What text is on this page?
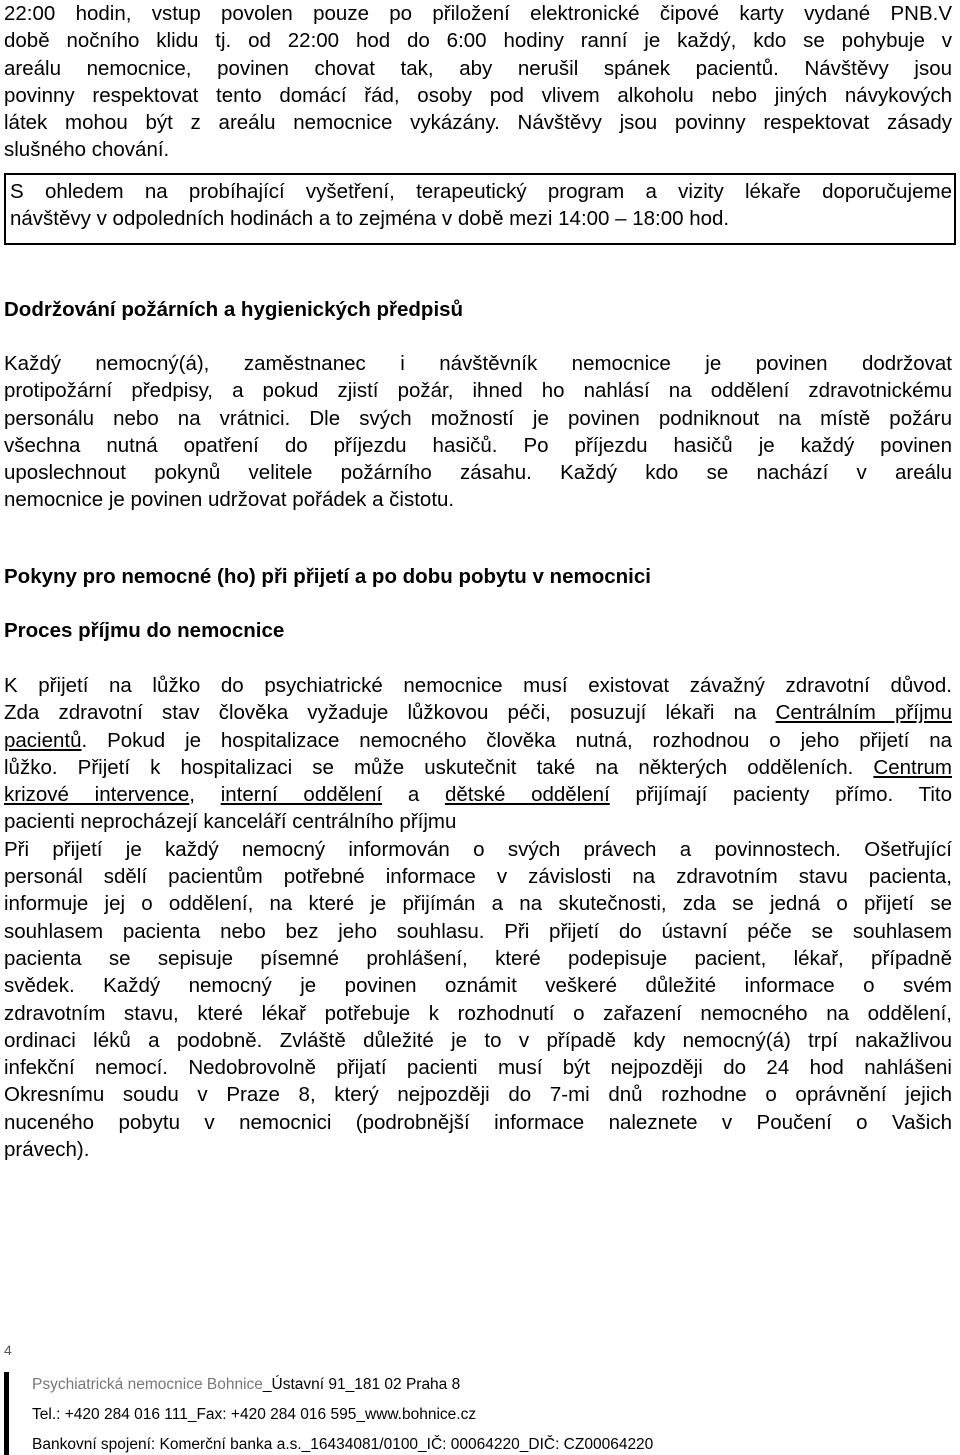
22:00 hodin, vstup povolen pouze po přiložení elektronické čipové karty vydané PNB.V
době nočního klidu tj. od 22:00 hod do 6:00 hodiny ranní je každý, kdo se pohybuje v
areálu nemocnice, povinen chovat tak, aby nerušil spánek pacientů. Návštěvy jsou
povinny respektovat tento domácí řád, osoby pod vlivem alkoholu nebo jiných návykových
látek mohou být z areálu nemocnice vykázány. Návštěvy jsou povinny respektovat zásady
slušného chování.

S ohledem na probíhající vyšetření, terapeutický program a vizity lékaře doporučujeme
návštěvy v odpoledních hodinách a to zejména v době mezi 14:00 – 18:00 hod.

Dodržování požárních a hygienických předpisů

Každý nemocný(á), zaměstnanec i návštěvník nemocnice je povinen dodržovat
protipožární předpisy, a pokud zjistí požár, ihned ho nahlásí na oddělení zdravotnickému
personálu nebo na vrátnici. Dle svých možností je povinen podniknout na místě požáru
všechna nutná opatření do příjezdu hasičů. Po příjezdu hasičů je každý povinen
uposlechnout pokynů velitele požárního zásahu. Každý kdo se nachází v areálu
nemocnice je povinen udržovat pořádek a čistotu.

Pokyny pro nemocné (ho) při přijetí a po dobu pobytu v nemocnici
Proces příjmu do nemocnice

K přijetí na lůžko do psychiatrické nemocnice musí existovat závažný zdravotní důvod.
Zda zdravotní stav člověka vyžaduje lůžkovou péči, posuzují lékaři na Centrálním příjmu
pacientů. Pokud je hospitalizace nemocného člověka nutná, rozhodnou o jeho přijetí na
lůžko. Přijetí k hospitalizaci se může uskutečnit také na některých odděleních. Centrum
krizové intervence, interní oddělení a dětské oddělení přijímají pacienty přímo. Tito
pacienti neprocházejí kanceláří centrálního příjmu
Při přijetí je každý nemocný informován o svých právech a povinnostech. Ošetřující
personál sdělí pacientům potřebné informace v závislosti na zdravotním stavu pacienta,
informuje jej o oddělení, na které je přijímán a na skutečnosti, zda se jedná o přijetí se
souhlasem pacienta nebo bez jeho souhlasu. Při přijetí do ústavní péče se souhlasem
pacienta se sepisuje písemné prohlášení, které podepisuje pacient, lékař, případně
svědek. Každý nemocný je povinen oznámit veškeré důležité informace o svém
zdravotním stavu, které lékař potřebuje k rozhodnutí o zařazení nemocného na oddělení,
ordinaci léků a podobně. Zvláště důležité je to v případě kdy nemocný(á) trpí nakažlivou
infekční nemocí. Nedobrovolně přijatí pacienti musí být nejpozději do 24 hod nahlášeni
Okresnímu soudu v Praze 8, který nejpozději do 7-mi dnů rozhodne o oprávnění jejich
nuceného pobytu v nemocnici (podrobnější informace naleznete v Poučení o Vašich
právech).

4
Psychiatrická nemocnice Bohnice_Ústavní 91_181 02 Praha 8
Tel.: +420 284 016 111_Fax: +420 284 016 595_www.bohnice.cz
Bankovní spojení: Komerční banka a.s._16434081/0100_IČ: 00064220_DIČ: CZ00064220
